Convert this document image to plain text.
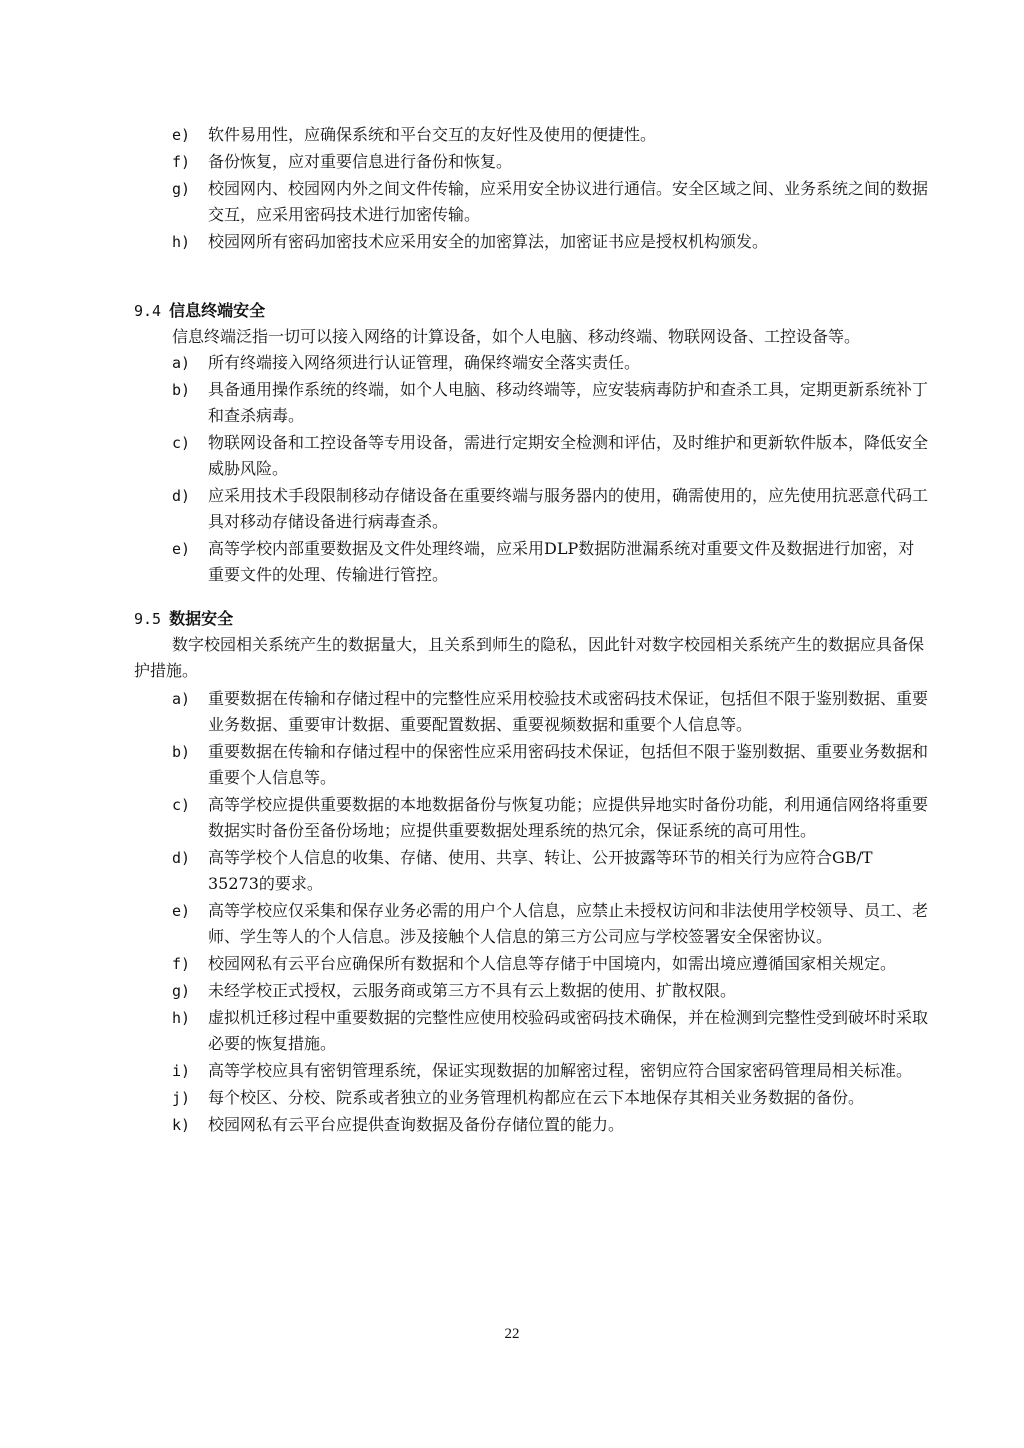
e) 软件易用性，应确保系统和平台交互的友好性及使用的便捷性。
f) 备份恢复，应对重要信息进行备份和恢复。
g) 校园网内、校园网内外之间文件传输，应采用安全协议进行通信。安全区域之间、业务系统之间的数据交互，应采用密码技术进行加密传输。
h) 校园网所有密码加密技术应采用安全的加密算法，加密证书应是授权机构颁发。
9.4 信息终端安全
信息终端泛指一切可以接入网络的计算设备，如个人电脑、移动终端、物联网设备、工控设备等。
a) 所有终端接入网络须进行认证管理，确保终端安全落实责任。
b) 具备通用操作系统的终端，如个人电脑、移动终端等，应安装病毒防护和查杀工具，定期更新系统补丁和查杀病毒。
c) 物联网设备和工控设备等专用设备，需进行定期安全检测和评估，及时维护和更新软件版本，降低安全威胁风险。
d) 应采用技术手段限制移动存储设备在重要终端与服务器内的使用，确需使用的，应先使用抗恶意代码工具对移动存储设备进行病毒查杀。
e) 高等学校内部重要数据及文件处理终端，应采用DLP数据防泄漏系统对重要文件及数据进行加密，对重要文件的处理、传输进行管控。
9.5 数据安全
数字校园相关系统产生的数据量大，且关系到师生的隐私，因此针对数字校园相关系统产生的数据应具备保护措施。
a) 重要数据在传输和存储过程中的完整性应采用校验技术或密码技术保证，包括但不限于鉴别数据、重要业务数据、重要审计数据、重要配置数据、重要视频数据和重要个人信息等。
b) 重要数据在传输和存储过程中的保密性应采用密码技术保证，包括但不限于鉴别数据、重要业务数据和重要个人信息等。
c) 高等学校应提供重要数据的本地数据备份与恢复功能；应提供异地实时备份功能，利用通信网络将重要数据实时备份至备份场地；应提供重要数据处理系统的热冗余，保证系统的高可用性。
d) 高等学校个人信息的收集、存储、使用、共享、转让、公开披露等环节的相关行为应符合GB/T 35273的要求。
e) 高等学校应仅采集和保存业务必需的用户个人信息，应禁止未授权访问和非法使用学校领导、员工、老师、学生等人的个人信息。涉及接触个人信息的第三方公司应与学校签署安全保密协议。
f) 校园网私有云平台应确保所有数据和个人信息等存储于中国境内，如需出境应遵循国家相关规定。
g) 未经学校正式授权，云服务商或第三方不具有云上数据的使用、扩散权限。
h) 虚拟机迁移过程中重要数据的完整性应使用校验码或密码技术确保，并在检测到完整性受到破坏时采取必要的恢复措施。
i) 高等学校应具有密钥管理系统，保证实现数据的加解密过程，密钥应符合国家密码管理局相关标准。
j) 每个校区、分校、院系或者独立的业务管理机构都应在云下本地保存其相关业务数据的备份。
k) 校园网私有云平台应提供查询数据及备份存储位置的能力。
22
